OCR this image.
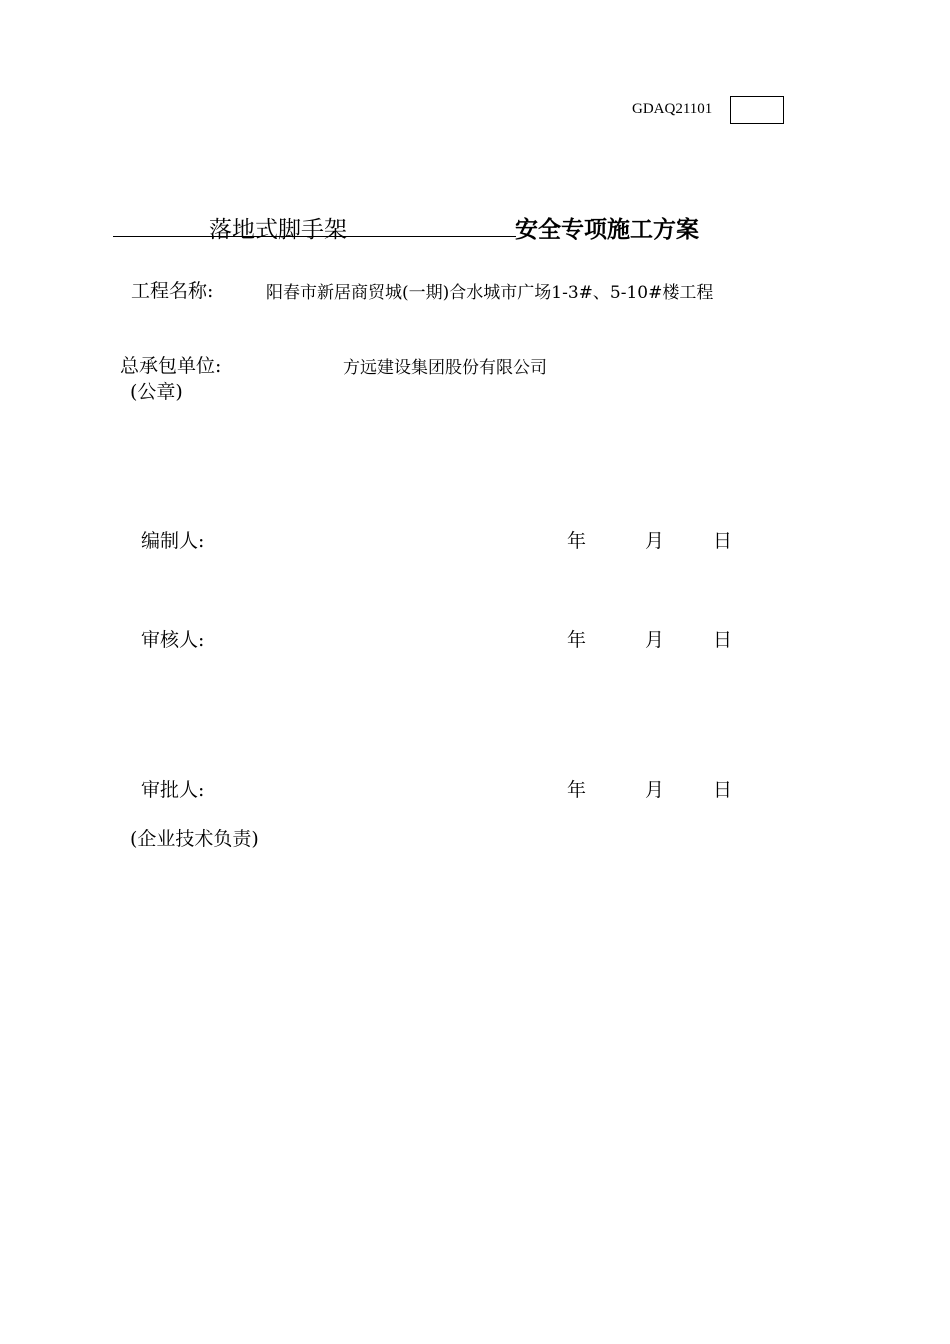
GDAQ21101
落地式脚手架	安全专项施工方案
工程名称:	阳春市新居商贸城(一期)合水城市广场1-3#、5-10#楼工程
总承包单位:	方远建设集团股份有限公司
(公章)
编制人:	年	月	日
审核人:	年	月	日
审批人:	年	月	日
(企业技术负责)
